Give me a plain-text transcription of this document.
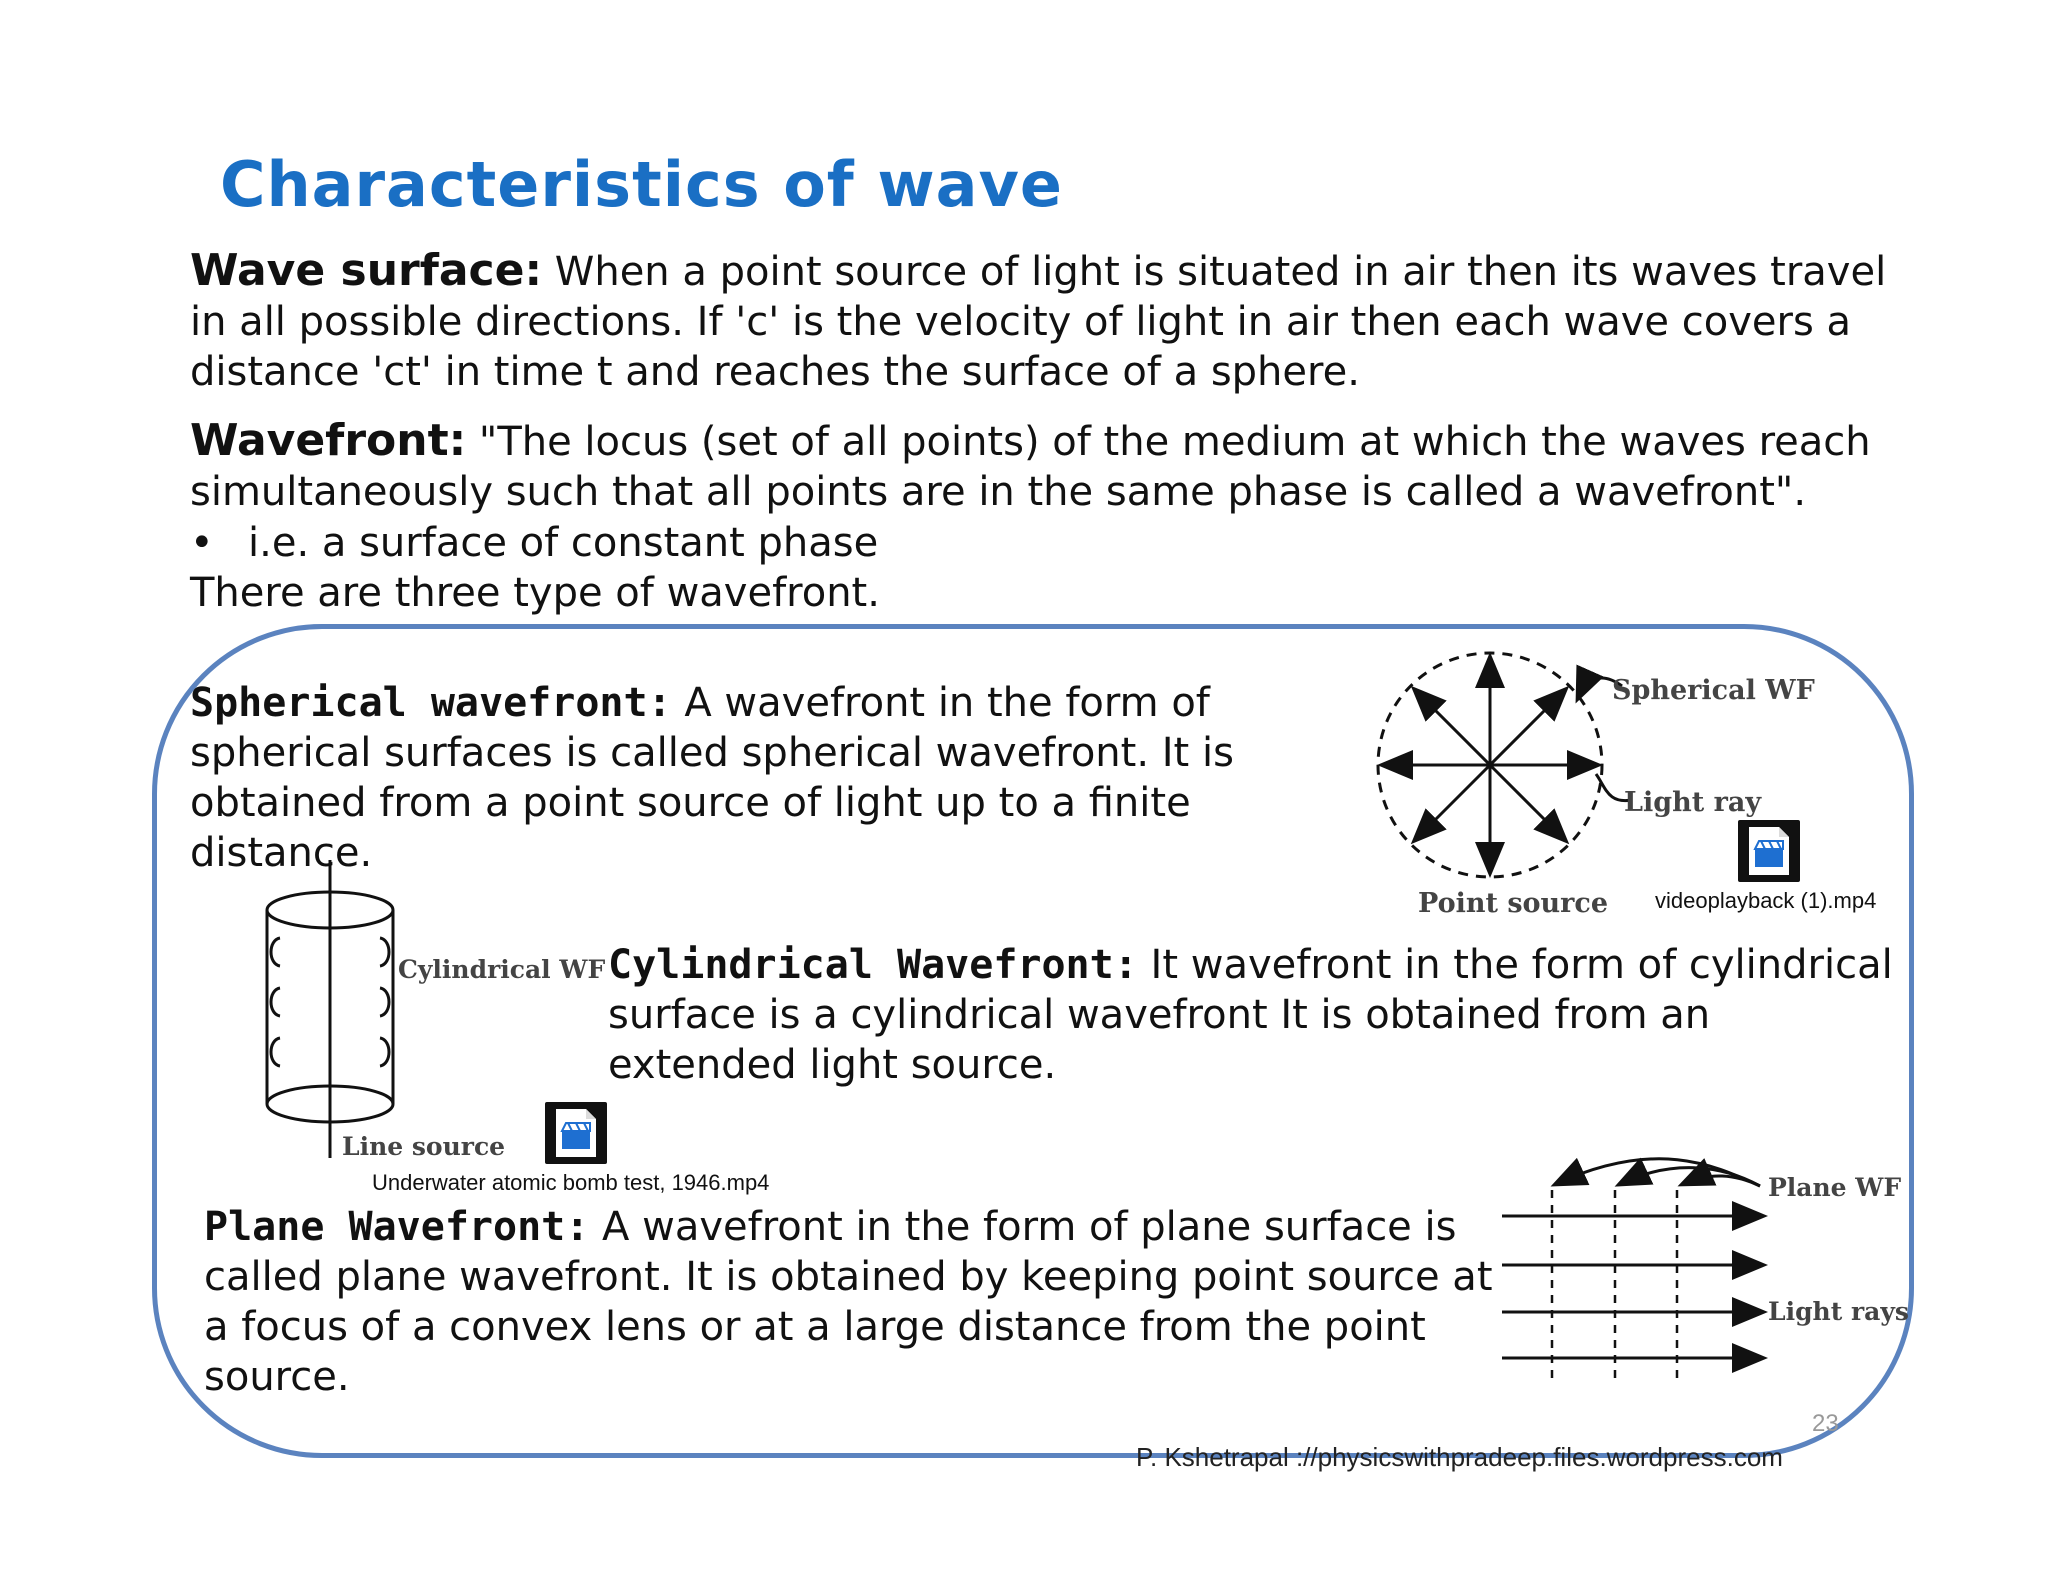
Characteristics of wave
Wave surface: When a point source of light is situated in air then its waves travel in all possible directions. If 'c' is the velocity of light in air then each wave covers a distance 'ct' in time t and reaches the surface of a sphere.
Wavefront: "The locus (set of all points) of the medium at which the waves reach simultaneously such that all points are in the same phase is called a wavefront".
• i.e. a surface of constant phase
There are three type of wavefront.
Spherical wavefront: A wavefront in the form of spherical surfaces is called spherical wavefront. It is obtained from a point source of light up to a finite distance.
Spherical WF
Light ray
Point source videoplayback (1).mp4
Cylindrical WF
Line source
Cylindrical Wavefront: It wavefront in the form of cylindrical surface is a cylindrical wavefront It is obtained from an extended light source.
Underwater atomic bomb test, 1946.mp4
Plane Wavefront: A wavefront in the form of plane surface is called plane wavefront. It is obtained by keeping point source at a focus of a convex lens or at a large distance from the point source.
Plane WF
Light rays
23
P. Kshetrapal ://physicswithpradeep.files.wordpress.com
